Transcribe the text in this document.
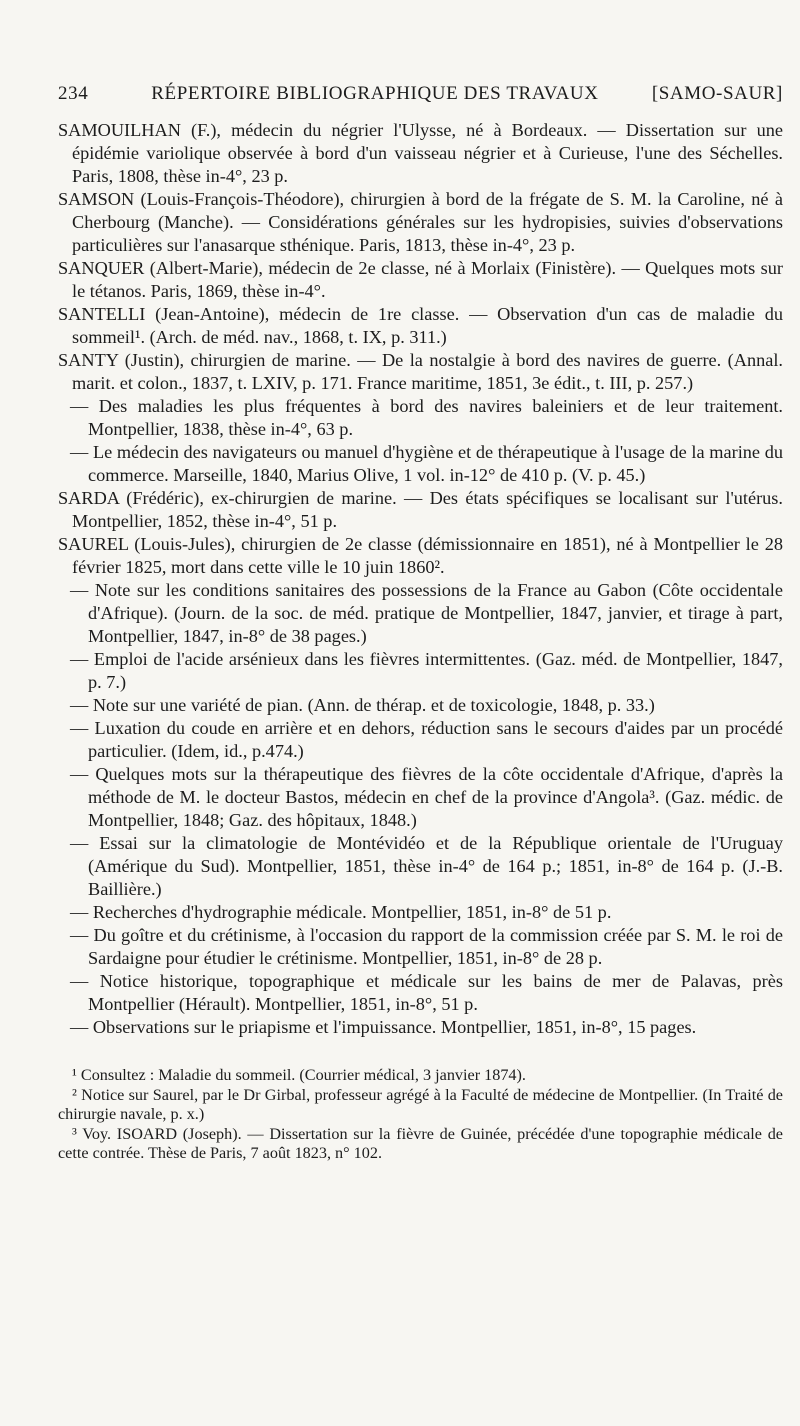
234	RÉPERTOIRE BIBLIOGRAPHIQUE DES TRAVAUX	[SAMO-SAUR]

SAMOUILHAN (F.), médecin du négrier l'Ulysse, né à Bordeaux. — Dissertation sur une épidémie variolique observée à bord d'un vaisseau négrier et à Curieuse, l'une des Séchelles. Paris, 1808, thèse in-4°, 23 p.

SAMSON (Louis-François-Théodore), chirurgien à bord de la frégate de S. M. la Caroline, né à Cherbourg (Manche). — Considérations générales sur les hydropisies, suivies d'observations particulières sur l'anasarque sthénique. Paris, 1813, thèse in-4°, 23 p.

SANQUER (Albert-Marie), médecin de 2e classe, né à Morlaix (Finistère). — Quelques mots sur le tétanos. Paris, 1869, thèse in-4°.

SANTELLI (Jean-Antoine), médecin de 1re classe. — Observation d'un cas de maladie du sommeil¹. (Arch. de méd. nav., 1868, t. IX, p. 311.)

SANTY (Justin), chirurgien de marine. — De la nostalgie à bord des navires de guerre. (Annal. marit. et colon., 1837, t. LXIV, p. 171. France maritime, 1851, 3e édit., t. III, p. 257.)

— Des maladies les plus fréquentes à bord des navires baleiniers et de leur traitement. Montpellier, 1838, thèse in-4°, 63 p.

— Le médecin des navigateurs ou manuel d'hygiène et de thérapeutique à l'usage de la marine du commerce. Marseille, 1840, Marius Olive, 1 vol. in-12° de 410 p. (V. p. 45.)

SARDA (Frédéric), ex-chirurgien de marine. — Des états spécifiques se localisant sur l'utérus. Montpellier, 1852, thèse in-4°, 51 p.

SAUREL (Louis-Jules), chirurgien de 2e classe (démissionnaire en 1851), né à Montpellier le 28 février 1825, mort dans cette ville le 10 juin 1860².

— Note sur les conditions sanitaires des possessions de la France au Gabon (Côte occidentale d'Afrique). (Journ. de la soc. de méd. pratique de Montpellier, 1847, janvier, et tirage à part, Montpellier, 1847, in-8° de 38 pages.)

— Emploi de l'acide arsénieux dans les fièvres intermittentes. (Gaz. méd. de Montpellier, 1847, p. 7.)

— Note sur une variété de pian. (Ann. de thérap. et de toxicologie, 1848, p. 33.)

— Luxation du coude en arrière et en dehors, réduction sans le secours d'aides par un procédé particulier. (Idem, id., p.474.)

— Quelques mots sur la thérapeutique des fièvres de la côte occidentale d'Afrique, d'après la méthode de M. le docteur Bastos, médecin en chef de la province d'Angola³. (Gaz. médic. de Montpellier, 1848; Gaz. des hôpitaux, 1848.)

— Essai sur la climatologie de Montévidéo et de la République orientale de l'Uruguay (Amérique du Sud). Montpellier, 1851, thèse in-4° de 164 p.; 1851, in-8° de 164 p. (J.-B. Baillière.)

— Recherches d'hydrographie médicale. Montpellier, 1851, in-8° de 51 p.

— Du goître et du crétinisme, à l'occasion du rapport de la commission créée par S. M. le roi de Sardaigne pour étudier le crétinisme. Montpellier, 1851, in-8° de 28 p.

— Notice historique, topographique et médicale sur les bains de mer de Palavas, près Montpellier (Hérault). Montpellier, 1851, in-8°, 51 p.

— Observations sur le priapisme et l'impuissance. Montpellier, 1851, in-8°, 15 pages.

¹ Consultez : Maladie du sommeil. (Courrier médical, 3 janvier 1874).

² Notice sur Saurel, par le Dr Girbal, professeur agrégé à la Faculté de médecine de Montpellier. (In Traité de chirurgie navale, p. x.)

³ Voy. ISOARD (Joseph). — Dissertation sur la fièvre de Guinée, précédée d'une topographie médicale de cette contrée. Thèse de Paris, 7 août 1823, n° 102.
